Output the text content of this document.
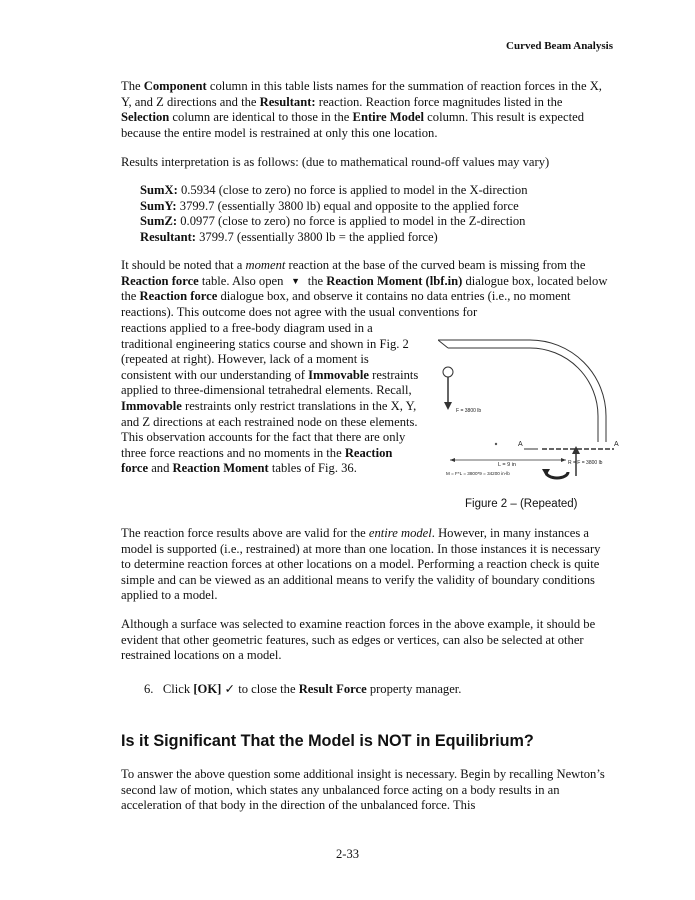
Curved Beam Analysis
The Component column in this table lists names for the summation of reaction forces in the X, Y, and Z directions and the Resultant: reaction. Reaction force magnitudes listed in the Selection column are identical to those in the Entire Model column. This result is expected because the entire model is restrained at only this one location.
Results interpretation is as follows: (due to mathematical round-off values may vary)
SumX: 0.5934 (close to zero) no force is applied to model in the X-direction
SumY: 3799.7 (essentially 3800 lb) equal and opposite to the applied force
SumZ: 0.0977 (close to zero) no force is applied to model in the Z-direction
Resultant: 3799.7 (essentially 3800 lb = the applied force)
It should be noted that a moment reaction at the base of the curved beam is missing from the Reaction force table. Also open ▼ the Reaction Moment (lbf.in) dialogue box, located below the Reaction force dialogue box, and observe it contains no data entries (i.e., no moment reactions). This outcome does not agree with the usual conventions for
reactions applied to a free-body diagram used in a traditional engineering statics course and shown in Fig. 2 (repeated at right). However, lack of a moment is consistent with our understanding of Immovable restraints applied to three-dimensional tetrahedral elements. Recall, Immovable restraints only restrict translations in the X, Y, and Z directions at each restrained node on these elements. This observation accounts for the fact that there are only three force reactions and no moments in the Reaction force and Reaction Moment tables of Fig. 36.
F = 3800 lb
A	A
L = 9 in	R = F = 3800 lb
M = F*L = 3800*9 = 34200 in-lb
Figure 2 – (Repeated)
The reaction force results above are valid for the entire model. However, in many instances a model is supported (i.e., restrained) at more than one location. In those instances it is necessary to determine reaction forces at other locations on a model. Performing a reaction check is quite simple and can be viewed as an additional means to verify the validity of boundary conditions applied to a model.
Although a surface was selected to examine reaction forces in the above example, it should be evident that other geometric features, such as edges or vertices, can also be selected at other restrained locations on a model.
6. Click [OK] ✓ to close the Result Force property manager.
Is it Significant That the Model is NOT in Equilibrium?
To answer the above question some additional insight is necessary. Begin by recalling Newton’s second law of motion, which states any unbalanced force acting on a body results in an acceleration of that body in the direction of the unbalanced force. This
2-33
